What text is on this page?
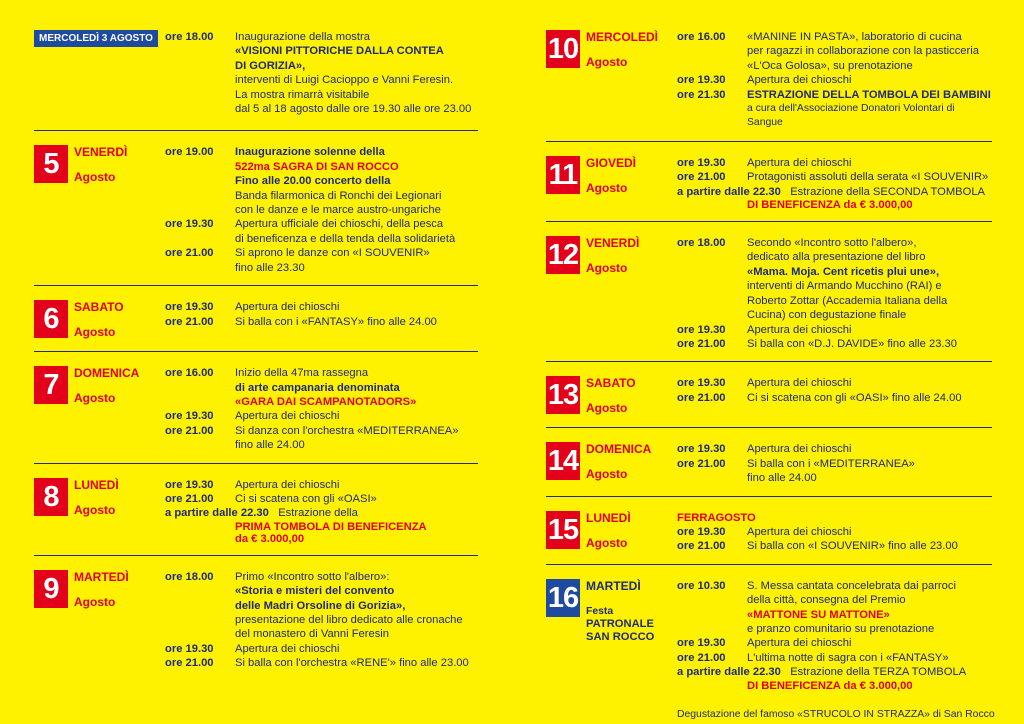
MERCOLEDÌ 3 AGOSTO	ore 18.00	Inaugurazione della mostra
«VISIONI PITTORICHE DALLA CONTEA
DI GORIZIA»,
interventi di Luigi Cacioppo e Vanni Feresin.
La mostra rimarrà visitabile
dal 5 al 18 agosto dalle ore 19.30 alle ore 23.00
5	VENERDÌ
Agosto
ore 19.00	Inaugurazione solenne della
522ma SAGRA DI SAN ROCCO
Fino alle 20.00 concerto della
Banda filarmonica di Ronchi dei Legionari
con le danze e le marce austro-ungariche
ore 19.30	Apertura ufficiale dei chioschi, della pesca
di beneficenza e della tenda della solidarietà
ore 21.00	Si aprono le danze con «I SOUVENIR»
fino alle 23.30
6	SABATO
Agosto
ore 19.30	Apertura dei chioschi
ore 21.00	Si balla con i «FANTASY» fino alle 24.00
7	DOMENICA
Agosto
ore 16.00	Inizio della 47ma rassegna
di arte campanaria denominata
«GARA DAI SCAMPANOTADORS»
ore 19.30	Apertura dei chioschi
ore 21.00	Si danza con l'orchestra «MEDITERRANEA»
fino alle 24.00
8	LUNEDÌ
Agosto
ore 19.30	Apertura dei chioschi
ore 21.00	Ci si scatena con gli «OASI»
a partire dalle 22.30 Estrazione della
PRIMA TOMBOLA DI BENEFICENZA
da € 3.000,00
9	MARTEDÌ
Agosto
ore 18.00	Primo «Incontro sotto l'albero»:
«Storia e misteri del convento
delle Madri Orsoline di Gorizia»,
presentazione del libro dedicato alle cronache
del monastero di Vanni Feresin
ore 19.30	Apertura dei chioschi
ore 21.00	Si balla con l'orchestra «RENE'» fino alle 23.00
10 MERCOLEDÌ
Agosto
ore 16.00	«MANINE IN PASTA», laboratorio di cucina
per ragazzi in collaborazione con la pasticceria
«L'Oca Golosa», su prenotazione
ore 19.30	Apertura dei chioschi
ore 21.30	ESTRAZIONE DELLA TOMBOLA DEI BAMBINI
a cura dell'Associazione Donatori Volontari di Sangue
11 GIOVEDÌ
Agosto
ore 19.30	Apertura dei chioschi
ore 21.00	Protagonisti assoluti della serata «I SOUVENIR»
a partire dalle 22.30 Estrazione della SECONDA TOMBOLA
DI BENEFICENZA da € 3.000,00
12 VENERDÌ
Agosto
ore 18.00	Secondo «Incontro sotto l'albero»,
dedicato alla presentazione del libro
«Mama. Moja. Cent ricetis plui une»,
interventi di Armando Mucchino (RAI) e
Roberto Zottar (Accademia Italiana della
Cucina) con degustazione finale
ore 19.30	Apertura dei chioschi
ore 21.00	Si balla con «D.J. DAVIDE» fino alle 23.30
13 SABATO
Agosto
ore 19.30	Apertura dei chioschi
ore 21.00	Ci si scatena con gli «OASI» fino alle 24.00
14 DOMENICA
Agosto
ore 19.30	Apertura dei chioschi
ore 21.00	Si balla con i «MEDITERRANEA»
fino alle 24.00
15 LUNEDÌ
Agosto
FERRAGOSTO
ore 19.30	Apertura dei chioschi
ore 21.00	Si balla con «I SOUVENIR» fino alle 23.00
16 MARTEDÌ
Festa
PATRONALE
SAN ROCCO
ore 10.30	S. Messa cantata concelebrata dai parroci
della città, consegna del Premio
«MATTONE SU MATTONE»
e pranzo comunitario su prenotazione
ore 19.30	Apertura dei chioschi
ore 21.00	L'ultima notte di sagra con i «FANTASY»
a partire dalle 22.30 Estrazione della TERZA TOMBOLA
DI BENEFICENZA da € 3.000,00
Degustazione del famoso «STRUCOLO IN STRAZZA» di San Rocco
